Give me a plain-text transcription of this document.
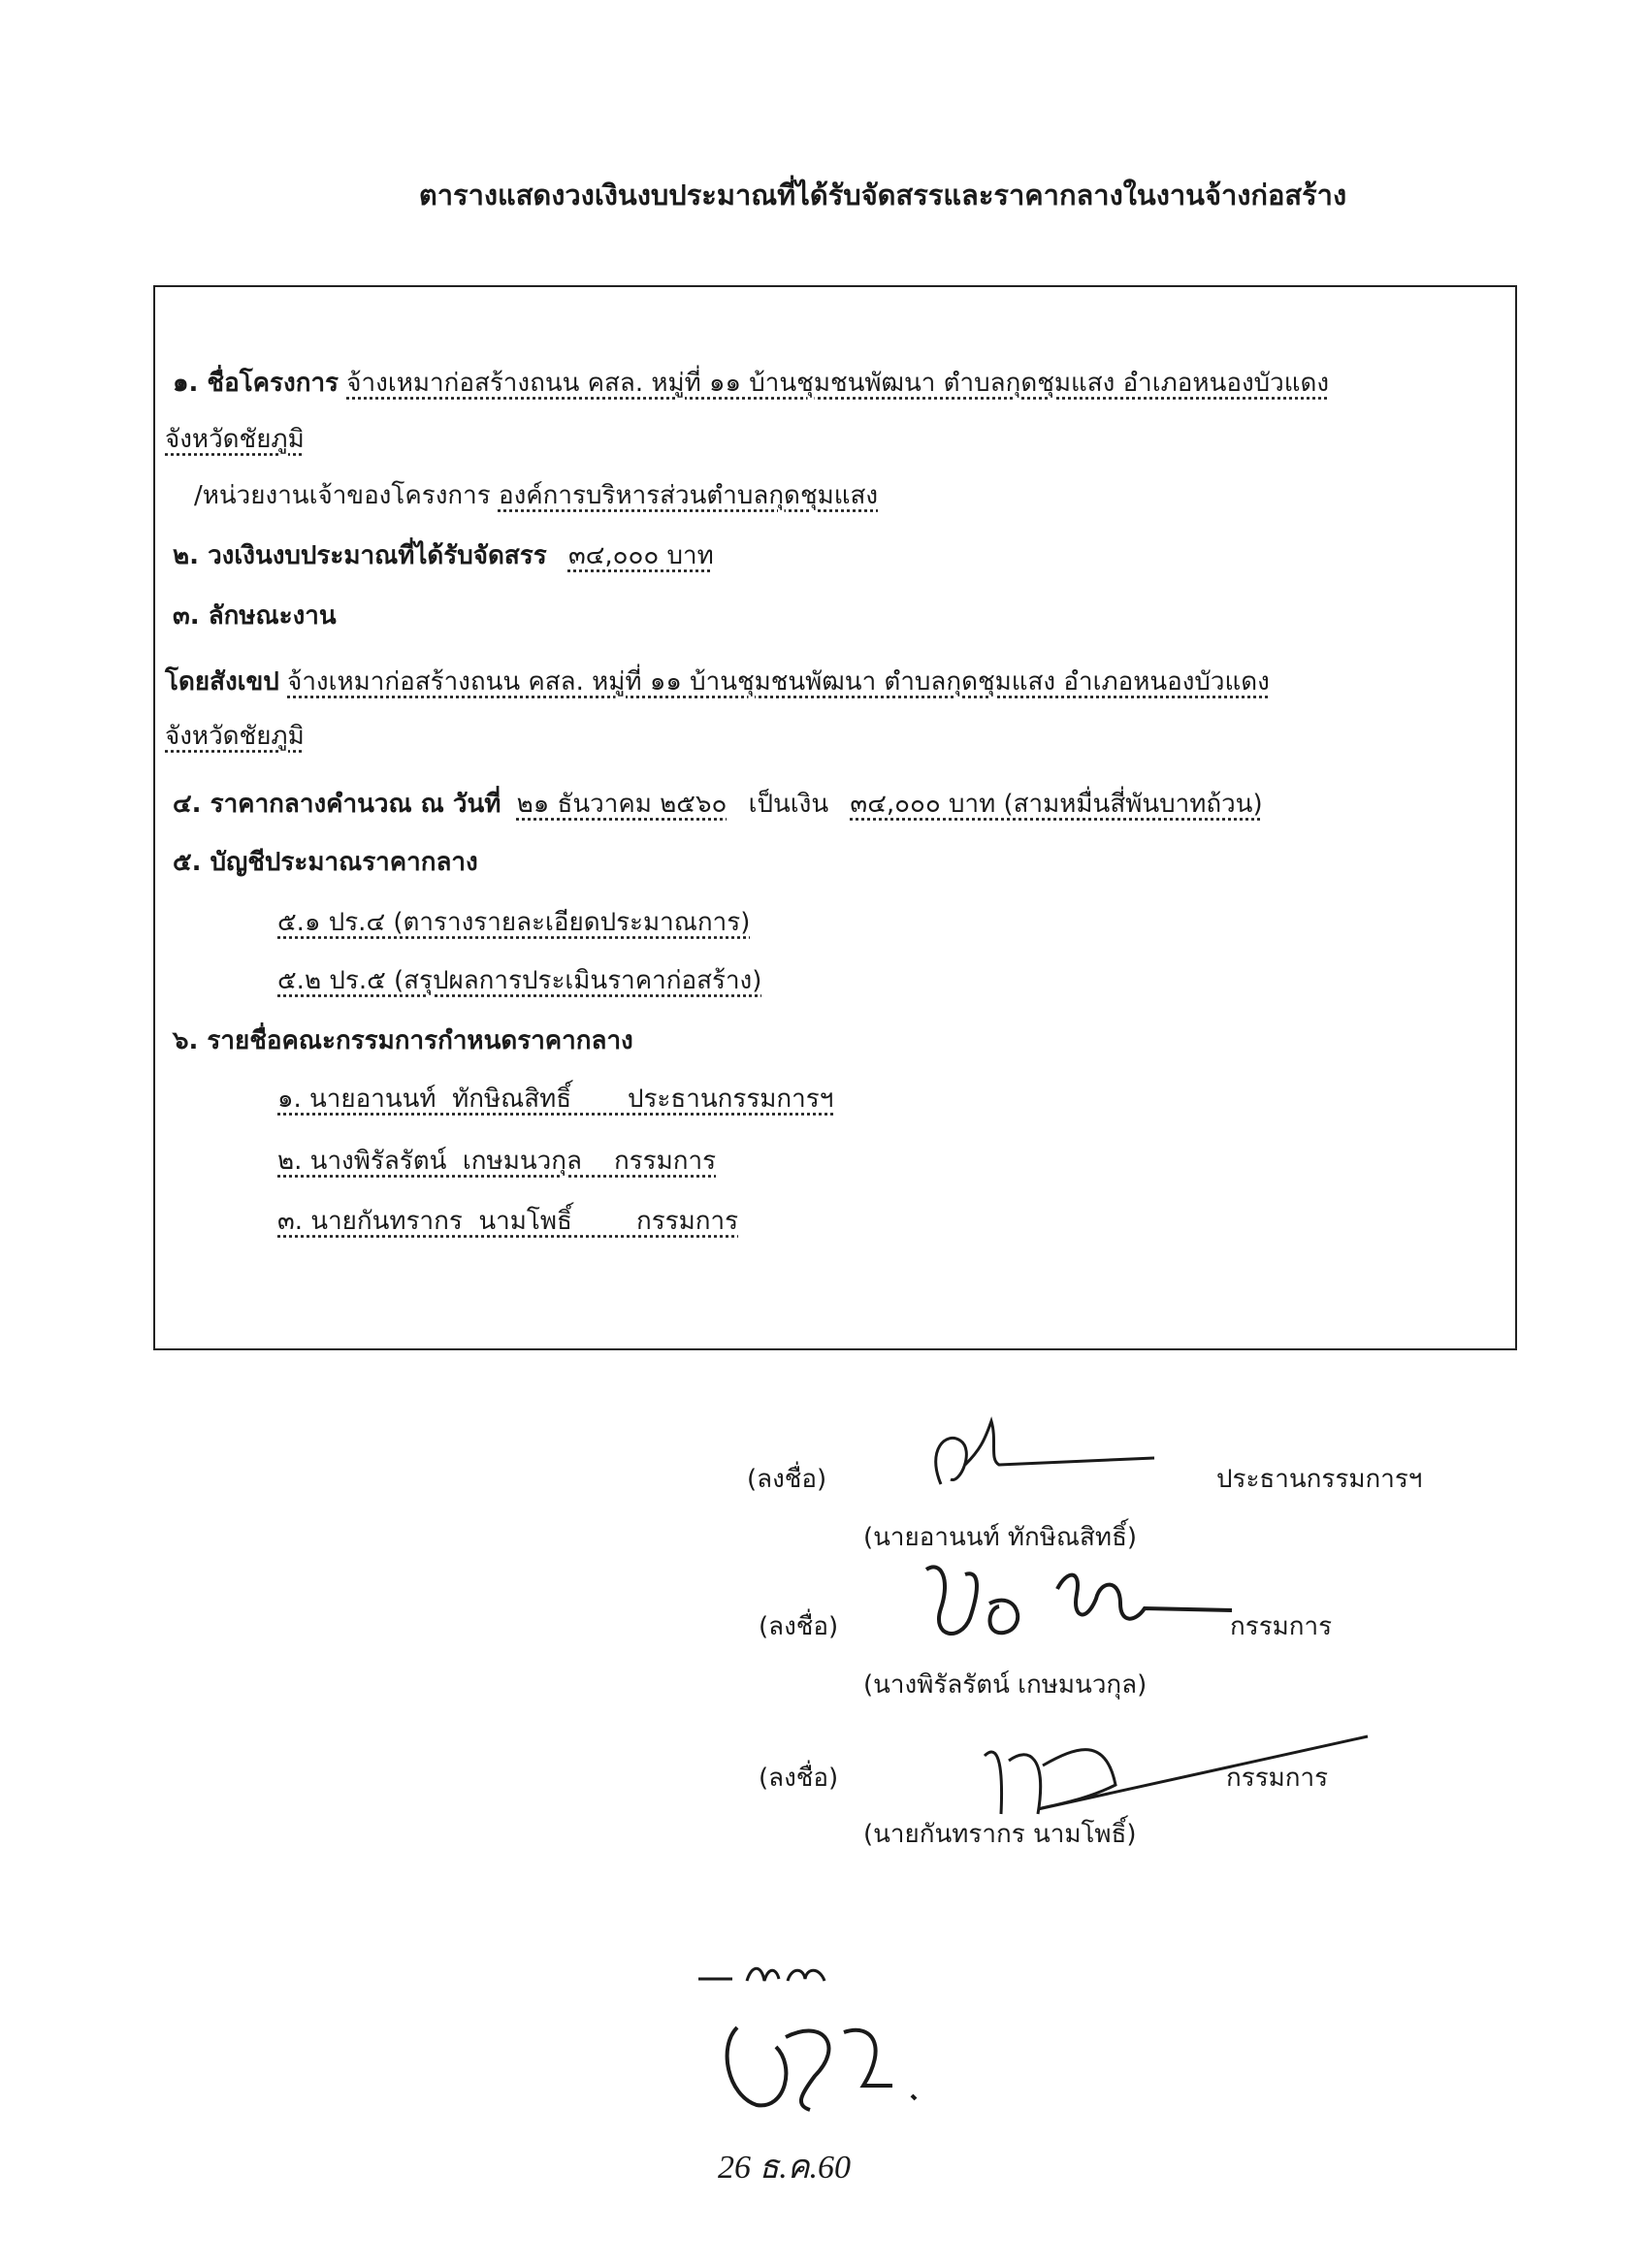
ตารางแสดงวงเงินงบประมาณที่ได้รับจัดสรรและราคากลางในงานจ้างก่อสร้าง
๑. ชื่อโครงการ จ้างเหมาก่อสร้างถนน คสล. หมู่ที่ ๑๑ บ้านชุมชนพัฒนา ตำบลกุดชุมแสง อำเภอหนองบัวแดง
จังหวัดชัยภูมิ
/หน่วยงานเจ้าของโครงการ องค์การบริหารส่วนตำบลกุดชุมแสง
๒. วงเงินงบประมาณที่ได้รับจัดสรร ๓๔,๐๐๐ บาท
๓. ลักษณะงาน
โดยสังเขป จ้างเหมาก่อสร้างถนน คสล. หมู่ที่ ๑๑ บ้านชุมชนพัฒนา ตำบลกุดชุมแสง อำเภอหนองบัวแดง
จังหวัดชัยภูมิ
๔. ราคากลางคำนวณ ณ วันที่ ๒๑ ธันวาคม ๒๕๖๐ เป็นเงิน ๓๔,๐๐๐ บาท (สามหมื่นสี่พันบาทถ้วน)
๕. บัญชีประมาณราคากลาง
๕.๑ ปร.๔ (ตารางรายละเอียดประมาณการ)
๕.๒ ปร.๕ (สรุปผลการประเมินราคาก่อสร้าง)
๖. รายชื่อคณะกรรมการกำหนดราคากลาง
๑. นายอานนท์  ทักษิณสิทธิ์       ประธานกรรมการฯ
๒. นางพิรัลรัตน์  เกษมนวกุล    กรรมการ
๓. นายกันทรากร  นามโพธิ์        กรรมการ
(ลงชื่อ)	ประธานกรรมการฯ
(นายอานนท์ ทักษิณสิทธิ์)
(ลงชื่อ)	กรรมการ
(นางพิรัลรัตน์ เกษมนวกุล)
(ลงชื่อ)	กรรมการ
(นายกันทรากร นามโพธิ์)
26 ธ.ค.60
